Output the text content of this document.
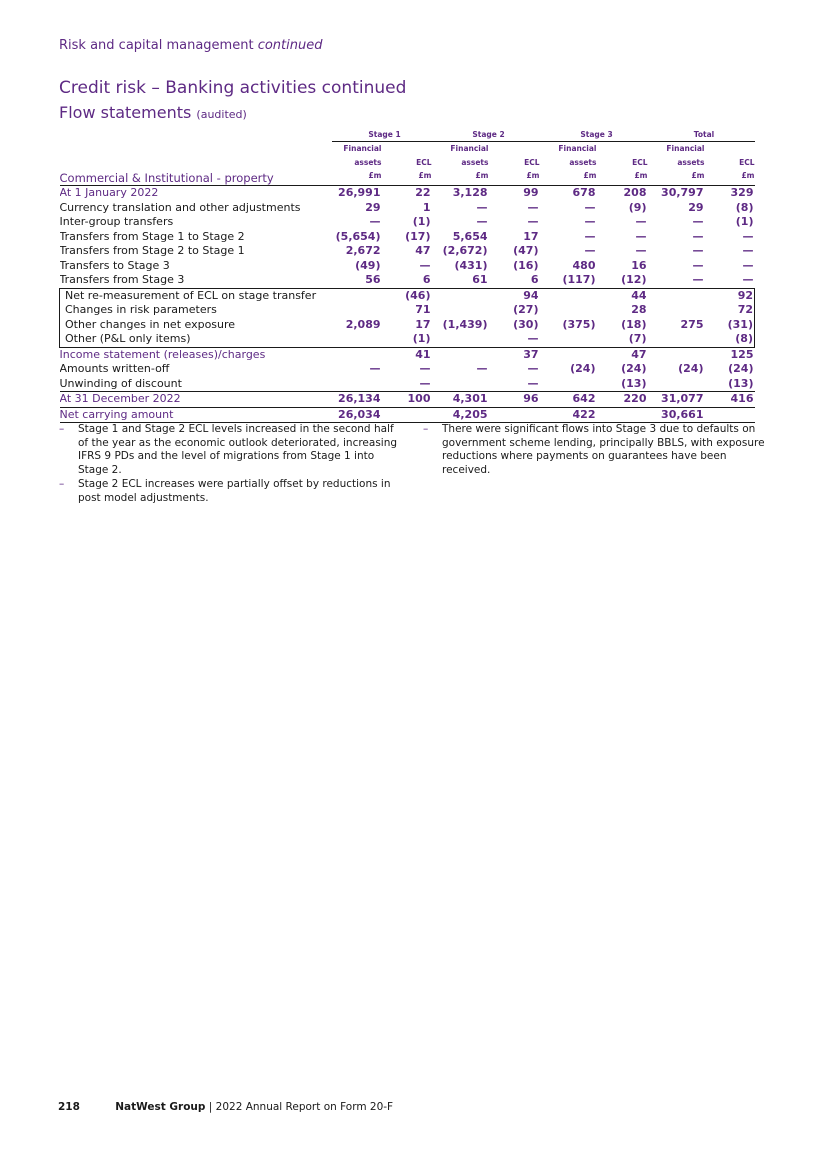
Risk and capital management continued
Credit risk – Banking activities continued
Flow statements (audited)
	Stage 1		Stage 2		Stage 3		Total	
	Financial		Financial		Financial		Financial	
	assets	ECL	assets	ECL	assets	ECL	assets	ECL
Commercial & Institutional - property	£m	£m	£m	£m	£m	£m	£m	£m
At 1 January 2022	26,991	22	3,128	99	678	208	30,797	329
Currency translation and other adjustments	29	1	—	—	—	(9)	29	(8)
Inter-group transfers	—	(1)	—	—	—	—	—	(1)
Transfers from Stage 1 to Stage 2	(5,654)	(17)	5,654	17	—	—	—	—
Transfers from Stage 2 to Stage 1	2,672	47	(2,672)	(47)	—	—	—	—
Transfers to Stage 3	(49)	—	(431)	(16)	480	16	—	—
Transfers from Stage 3	56	6	61	6	(117)	(12)	—	—
Net re-measurement of ECL on stage transfer		(46)		94		44		92
Changes in risk parameters		71		(27)		28		72
Other changes in net exposure	2,089	17	(1,439)	(30)	(375)	(18)	275	(31)
Other (P&L only items)		(1)		—		(7)		(8)
Income statement (releases)/charges		41		37		47		125
Amounts written-off	—	—	—	—	(24)	(24)	(24)	(24)
Unwinding of discount		—		—		(13)		(13)
At 31 December 2022	26,134	100	4,301	96	642	220	31,077	416
Net carrying amount	26,034		4,205		422		30,661	
– Stage 1 and Stage 2 ECL levels increased in the second half of the year as the economic outlook deteriorated, increasing IFRS 9 PDs and the level of migrations from Stage 1 into Stage 2.
– Stage 2 ECL increases were partially offset by reductions in post model adjustments.
– There were significant flows into Stage 3 due to defaults on government scheme lending, principally BBLS, with exposure reductions where payments on guarantees have been received.
218	NatWest Group | 2022 Annual Report on Form 20-F
